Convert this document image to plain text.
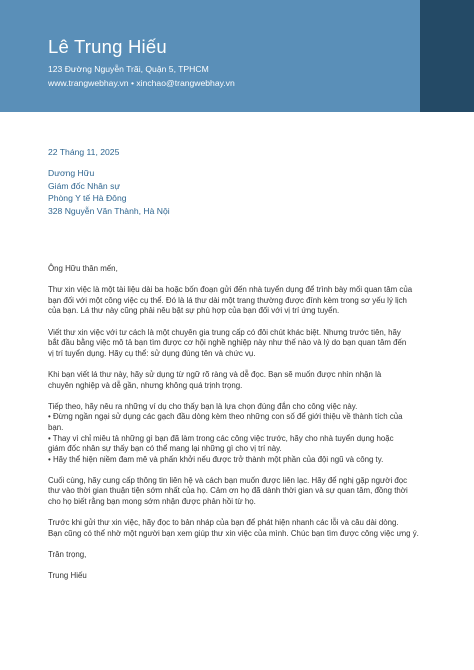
Lê Trung Hiếu
123 Đường Nguyễn Trãi, Quận 5, TPHCM
www.trangwebhay.vn • xinchao@trangwebhay.vn
22 Tháng 11, 2025
Dương Hữu
Giám đốc Nhân sự
Phòng Y tế Hà Đông
328 Nguyễn Văn Thành, Hà Nội

Ông Hữu thân mến,

Thư xin việc là một tài liệu dài ba hoặc bốn đoạn gửi đến nhà tuyển dụng để trình bày mối quan tâm của
bạn đối với một công việc cụ thể. Đó là lá thư dài một trang thường được đính kèm trong sơ yếu lý lịch
của bạn. Lá thư này cũng phải nêu bật sự phù hợp của bạn đối với vị trí ứng tuyển.

Viết thư xin việc với tư cách là một chuyên gia trung cấp có đôi chút khác biệt. Nhưng trước tiên, hãy
bắt đầu bằng việc mô tả bạn tìm được cơ hội nghề nghiệp này như thế nào và lý do bạn quan tâm đến
vị trí tuyển dụng. Hãy cụ thể: sử dụng đúng tên và chức vụ.

Khi bạn viết lá thư này, hãy sử dụng từ ngữ rõ ràng và dễ đọc. Bạn sẽ muốn được nhìn nhận là
chuyên nghiệp và dễ gần, nhưng không quá trịnh trọng.

Tiếp theo, hãy nêu ra những ví dụ cho thấy bạn là lựa chọn đúng đắn cho công việc này.
• Đừng ngần ngại sử dụng các gạch đầu dòng kèm theo những con số để giới thiệu về thành tích của
bạn.
• Thay vì chỉ miêu tả những gì bạn đã làm trong các công việc trước, hãy cho nhà tuyển dụng hoặc
giám đốc nhân sự thấy bạn có thể mang lại những gì cho vị trí này.
• Hãy thể hiện niềm đam mê và phấn khởi nếu được trở thành một phần của đội ngũ và công ty.

Cuối cùng, hãy cung cấp thông tin liên hệ và cách bạn muốn được liên lạc. Hãy để nghị gặp người đọc
thư vào thời gian thuận tiện sớm nhất của họ. Cảm ơn họ đã dành thời gian và sự quan tâm, đồng thời
cho họ biết rằng bạn mong sớm nhận được phản hồi từ họ.

Trước khi gửi thư xin việc, hãy đọc to bản nháp của bạn để phát hiện nhanh các lỗi và câu dài dòng.
Bạn cũng có thể nhờ một người bạn xem giúp thư xin việc của mình. Chúc bạn tìm được công việc ưng ý.

Trân trọng,

Trung Hiếu
